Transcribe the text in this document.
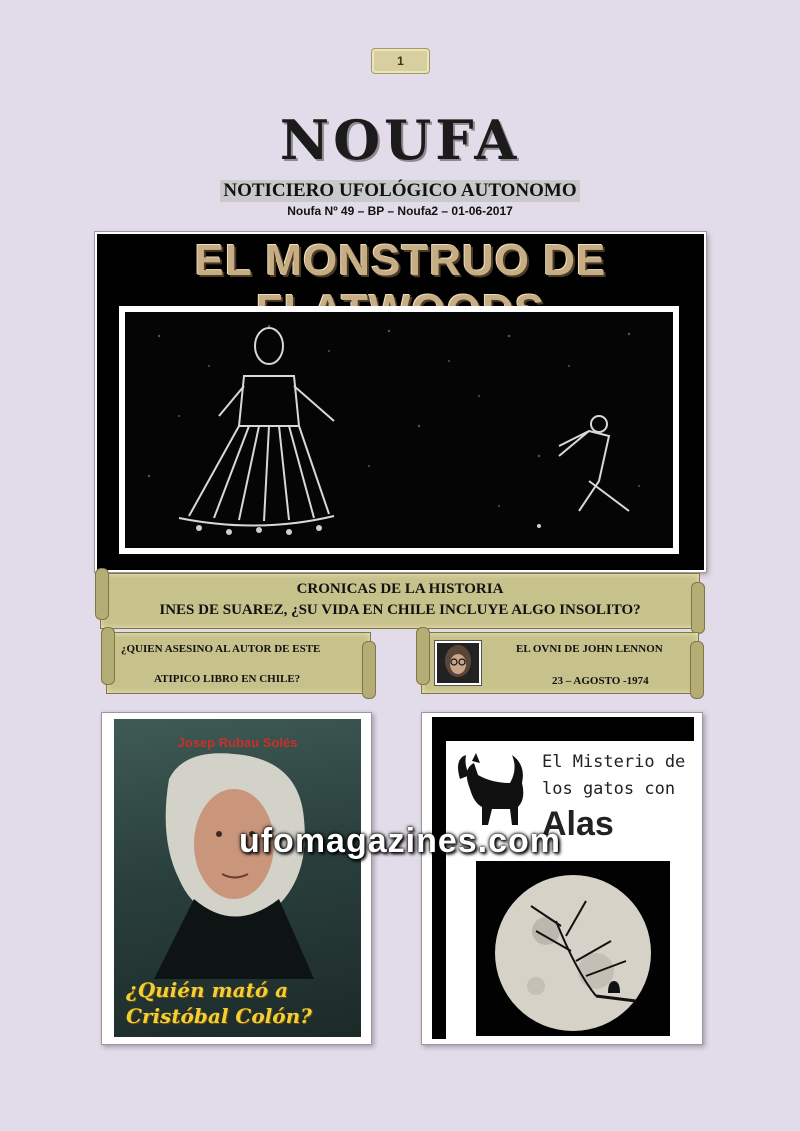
1
NOUFA
NOTICIERO UFOLÓGICO AUTONOMO
Noufa Nº 49 – BP – Noufa2 – 01-06-2017
EL MONSTRUO DE
CRONICAS DE LA HISTORIA
INES DE SUAREZ, ¿SU VIDA EN CHILE INCLUYE ALGO INSOLITO?
¿QUIEN ASESINO AL AUTOR DE ESTE
ATIPICO LIBRO EN CHILE?
EL OVNI DE JOHN LENNON
23 – AGOSTO -1974
Josep Rubau Solés
¿Quién mató a Cristóbal Colón?
El Misterio de
los gatos con
Alas
ufomagazines.com
